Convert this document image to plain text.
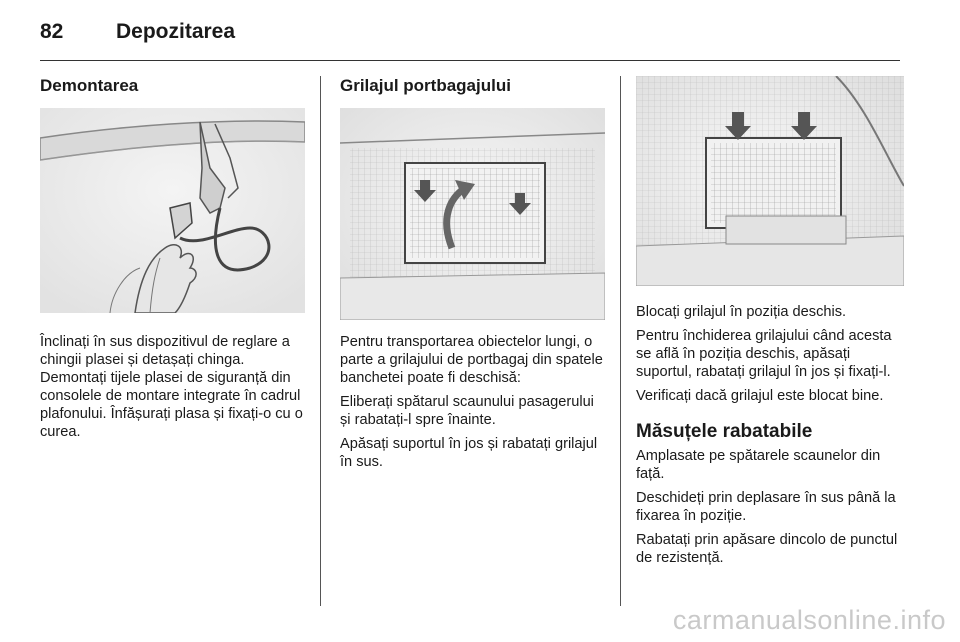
82	Depozitarea
Demontarea

Înclinați în sus dispozitivul de reglare a chingii plasei și detașați chinga. Demontați tijele plasei de siguranță din consolele de montare integrate în cadrul plafonului. Înfășurați plasa și fixați-o cu o curea.

Grilajul portbagajului

Pentru transportarea obiectelor lungi, o parte a grilajului de portbagaj din spatele banchetei poate fi deschisă:

Eliberați spătarul scaunului pasagerului și rabatați-l spre înainte.

Apăsați suportul în jos și rabatați grilajul în sus.

Blocați grilajul în poziția deschis.

Pentru închiderea grilajului când acesta se află în poziția deschis, apăsați suportul, rabatați grilajul în jos și fixați-l.

Verificați dacă grilajul este blocat bine.

Măsuțele rabatabile

Amplasate pe spătarele scaunelor din față.

Deschideți prin deplasare în sus până la fixarea în poziție.

Rabatați prin apăsare dincolo de punctul de rezistență.

carmanualsonline.info
